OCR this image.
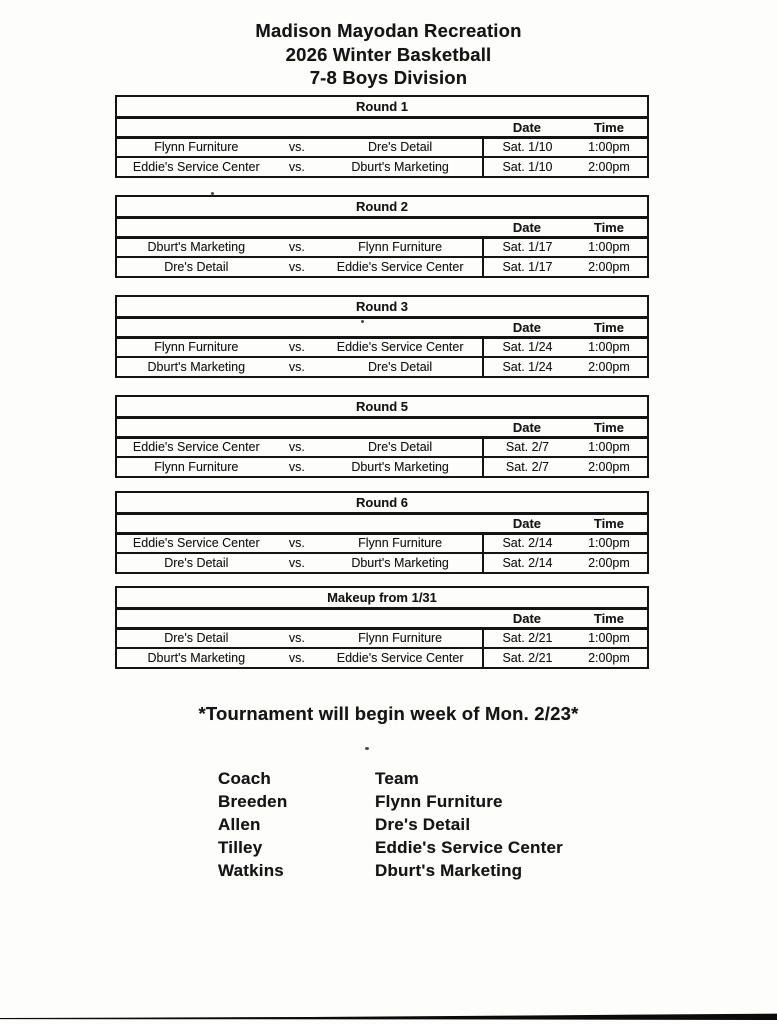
Madison Mayodan Recreation
2026 Winter Basketball
7-8 Boys Division
Round 1				
			Date	Time
Flynn Furniture	vs.	Dre's Detail	Sat. 1/10	1:00pm
Eddie's Service Center	vs.	Dburt's Marketing	Sat. 1/10	2:00pm
Round 2				
			Date	Time
Dburt's Marketing	vs.	Flynn Furniture	Sat. 1/17	1:00pm
Dre's Detail	vs.	Eddie's Service Center	Sat. 1/17	2:00pm
Round 3				
			Date	Time
Flynn Furniture	vs.	Eddie's Service Center	Sat. 1/24	1:00pm
Dburt's Marketing	vs.	Dre's Detail	Sat. 1/24	2:00pm
Round 5				
			Date	Time
Eddie's Service Center	vs.	Dre's Detail	Sat. 2/7	1:00pm
Flynn Furniture	vs.	Dburt's Marketing	Sat. 2/7	2:00pm
Round 6				
			Date	Time
Eddie's Service Center	vs.	Flynn Furniture	Sat. 2/14	1:00pm
Dre's Detail	vs.	Dburt's Marketing	Sat. 2/14	2:00pm
Makeup from 1/31				
			Date	Time
Dre's Detail	vs.	Flynn Furniture	Sat. 2/21	1:00pm
Dburt's Marketing	vs.	Eddie's Service Center	Sat. 2/21	2:00pm
*Tournament will begin week of Mon. 2/23*
Coach	Team
Breeden	Flynn Furniture
Allen	Dre's Detail
Tilley	Eddie's Service Center
Watkins	Dburt's Marketing
